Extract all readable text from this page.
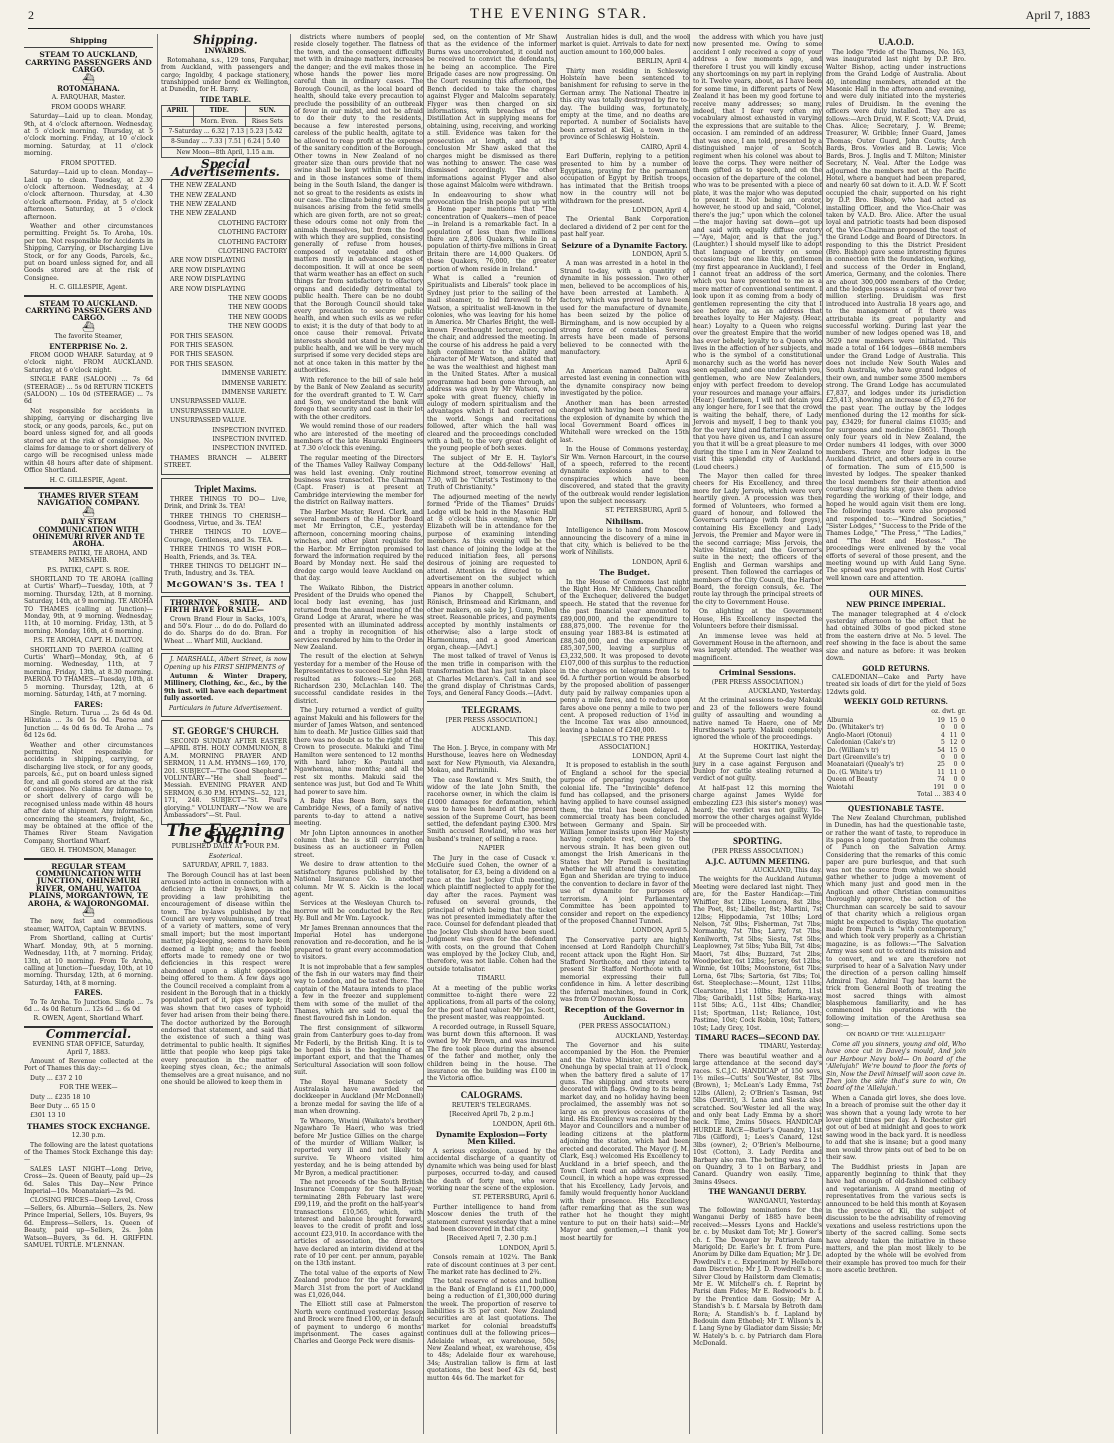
2	THE EVENING STAR.	April 7, 1883
Shipping
STEAM TO AUCKLAND, CARRYING PASSENGERS AND CARGO.
⛴

ROTOMAHANA.

A. FARQUHAR, Master.

FROM GOODS WHARF.

Saturday—Laid up to clean. Monday, 9th, at 4 o'clock afternoon. Wednesday, at 5 o'clock morning. Thursday, at 5 o'clock morning. Friday, at 10 o'clock morning. Saturday, at 11 o'clock morning.

FROM SPOTTED.

Saturday—Laid up to clean. Monday—Laid up to clean. Tuesday, at 2.30 o'clock afternoon. Wednesday, at 4 o'clock afternoon. Thursday, at 4.30 o'clock afternoon. Friday, at 5 o'clock afternoon. Saturday, at 5 o'clock afternoon.

Weather and other circumstances permitting. Freight 5s. To Aroha, 10s. per ton. Not responsible for Accidents in Shipping, Carrying, or Discharging Live Stock, or for any Goods, Parcels, &c., put on board unless signed for, and all Goods stored are at the risk of Consignee.

H. C. GILLESPIE, Agent.

STEAM TO AUCKLAND. CARRYING PASSENGERS AND CARGO.
⛴

The favorite Steamer,

ENTERPRISE No. 2.

FROM GOOD WHARF. Saturday, at 9 o'clock night. FROM AUCKLAND. Saturday, at 6 o'clock night.

SINGLE FARE (SALOON) ... 7s 6d (STEERAGE) ... 5s 0d RETURN TICKETS (SALOON) ... 10s 0d (STEERAGE) ... 7s 6d

Not responsible for accidents in shipping, carrying or discharging live stock, or any goods, parcels, &c., put on board unless signed for, and all goods stored are at the risk of consignee. No claims for damage to or short delivery of cargo will be recognised unless made within 48 hours after date of shipment. Office Shortland.

H. C. GILLESPIE, Agent.

THAMES RIVER STEAM NAVIGATION COMPANY.
⛴

DAILY STEAM COMMUNICATION WITH OHINEMURI RIVER AND TE AROHA.

STEAMERS PATIKI, TE AROHA, AND MEMSAHIB.

P.S. PATIKI, CAPT. S. ROE.

SHORTLAND TO TE AROHA (calling at Curtis' Wharf)—Tuesday, 10th, at 7 morning. Thursday, 12th, at 8 morning. Saturday, 14th, at 9 morning. TE AROHA TO THAMES (calling at Junction)—Monday, 9th, at 9 morning. Wednesday, 11th, at 10 morning. Friday, 13th, at 5 morning. Monday, 16th, at 6 morning.

P.S. TE AROHA, CAPT. H. DALTON.

SHORTLAND TO PAEROA (calling at Curtis' Wharf)—Monday, 9th, at 6 morning. Wednesday, 11th, at 7 morning. Friday, 13th, at 8.30 morning. PAEROA TO THAMES—Tuesday, 10th, at 5 morning. Thursday, 12th, at 6 morning. Saturday, 14th, at 7 morning.

FARES:

Single. Return. Turua ... 2s 6d 4s 0d. Hikutaia ... 3s 0d 5s 0d. Paeroa and Junction ... 4s 0d 6s 0d. Te Aroha ... 7s 6d 12s 6d.

Weather and other circumstances permitting. Not responsible for accidents in shipping, carrying, or discharging live stock, or for any goods, parcels, &c., put on board unless signed for, and all goods stored are at the risk of consignee. No claims for damage to, or short delivery of cargo will be recognised unless made within 48 hours after date of shipment. Any information concerning the steamers, freight, &c., may be obtained at the office of the Thames River Steam Navigation Company, Shortland Wharf.

GEO. H. THOMSON, Manager.

REGULAR STEAM COMMUNICATION WITH JUNCTION, OHINEMURI RIVER, OMAHU, WAITOA PLAINS, MORGANTOWN, TE AROHA, & WAIORONGOMAI.
⛴

The new, fast and commodious steamer, WAITOA, Captain W. BEVINS.

From Shortland, calling at Curtis' Wharf. Monday, 9th, at 5 morning. Wednesday, 11th, at 7 morning. Friday, 13th, at 10 morning. From Te Aroha, calling at Junction—Tuesday, 10th, at 10 morning. Thursday, 12th, at 6 morning. Saturday, 14th, at 8 morning.

FARES.

To Te Aroha. To Junction. Single ... 7s 6d ... 4s 0d Return ... 12s 6d ... 6s 0d

R. OWEN, Agent, Shortland Wharf.

Commercial.

EVENING STAR OFFICE, Saturday, April 7, 1883.

Amount of Revenue collected at the Port of Thames this day:—

Duty ... £37 2 10

FOR THE WEEK—

Duty ... £235 18 10

Beer Duty ... 65 15 0

£301 13 10

THAMES STOCK EXCHANGE.

12.30 p.m.

The following are the latest quotations of the Thames Stock Exchange this day:—

SALES LAST NIGHT—Long Drive, Cross—2s. Queen of Beauty, paid up—2s 6d. Sales This Day—New Prince Imperial—10s. Moanataiari—2s 9d.

CLOSING PRICES—Deep Level, Cross—Sellers, 6s. Alburnia—Sellers, 2s. New Prince Imperial, Sellers, 10s. Buyers, 9s 6d. Empress—Sellers, 1s. Queen of Beauty, paid up—Sellers, 2s. John Watson—Buyers, 3s 6d. H. GRIFFIN. SAMUEL TURTLE. M'LENNAN.

Shipping.

INWARDS.

Rotomahana, s.s., 129 tons, Farquhar, from Auckland, with passengers and cargo; Ingoldby, 4 package stationery, transhipped under bond ex Wellington, at Dunedin, for H. Barry.

TIDE TABLE.

APRIL	TIDE.	SUN.
	Morn. Even.	Rises Sets
7-Saturday ... 6.32 | 7.13 | 5.23 | 5.42		
8-Sunday ... 7.33 | 7.51 | 6.24 | 5.40		
New Moon—8th April, 1.15 a.m.		
Special Advertisements.

THE NEW ZEALAND

THE NEW ZEALAND

THE NEW ZEALAND

THE NEW ZEALAND

CLOTHING FACTORY

CLOTHING FACTORY

CLOTHING FACTORY

CLOTHING FACTORY

ARE NOW DISPLAYING

ARE NOW DISPLAYING

ARE NOW DISPLAYING

ARE NOW DISPLAYING

THE NEW GOODS

THE NEW GOODS

THE NEW GOODS

THE NEW GOODS

FOR THIS SEASON.

FOR THIS SEASON.

FOR THIS SEASON.

FOR THIS SEASON.

IMMENSE VARIETY.

IMMENSE VARIETY.

IMMENSE VARIETY.

UNSURPASSED VALUE.

UNSURPASSED VALUE.

UNSURPASSED VALUE.

INSPECTION INVITED.

INSPECTION INVITED.

INSPECTION INVITED.

THAMES BRANCH — ALBERT STREET.

Triplet Maxims.

THREE THINGS TO DO— Live, Drink, and Drink 3s. TEA!

THREE THINGS TO CHERISH— Goodness, Virtue, and 3s. TEA!

THREE THINGS TO LOVE— Courage, Gentleness, and 3s. TEA.

THREE THINGS TO WISH FOR— Health, Friends, and 3s. TEA.

THREE THINGS TO DELIGHT IN— Truth, Industry, and 3s. TEA.

McGOWAN'S 3s. TEA !

THORNTON, SMITH, AND FIRTH HAVE FOR SALE—

Crown Brand Flour in Sacks, 100's, and 50's. Flour ... do do do. Pollard do do do. Sharps do do do. Bran. For Wheat ... Wharf Mill, Auckland.

J. MARSHALL, Albert Street, is now Opening up his FIRST SHIPMENTS of

Autumn & Winter Drapery, Millinery, Clothing, &c., &c., by the 9th inst. will have each department fully assorted.

Particulars in future Advertisement.

ST. GEORGE'S CHURCH.

SECOND SUNDAY AFTER EASTER—APRIL 8TH. HOLY COMMUNION, 8 A.M. MORNING PRAYER AND SERMON, 11 A.M. HYMNS—169, 170, 201. SUBJECT—"The Good Shepherd." VOLUNTARY—"He shall feed"—Messiah. EVENING PRAYER AND SERMON, 6.30 P.M. HYMNS—52, 121, 171, 248. SUBJECT—"St. Paul's glorying." VOLUNTARY—"Now we are Ambassadors"—St. Paul.

The Evening Star.

PUBLISHED DAILY AT FOUR P.M.

Esoterical.

SATURDAY, APRIL 7, 1883.

The Borough Council has at last been aroused into action in connection with a deficiency in their by-laws, in not providing a law prohibiting the encouragement of disease within the town. The by-laws published by the Council are very voluminous, and treat of a variety of matters, some of very small import; but the most important matter, pig-keeping, seems to have been deemed a light one; and the feeble efforts made to remedy one or two deficiencies in this respect were abandoned upon a slight opposition being offered to them. A few days ago the Council received a complaint from a resident in the Borough that in a thickly populated part of it, pigs were kept; it was shown that two cases of typhoid fever had arisen from their being there. The doctor authorized by the Borough endorsed that statement, and said that the existence of such a thing was detrimental to public health. It signifies little that people who keep pigs take every precaution in the matter of keeping styes clean, &c.; the animals themselves are a great nuisance, and no one should be allowed to keep them in

districts where numbers of people reside closely together. The flatness of the town, and the consequent difficulty met with in drainage matters, increases the danger; and the evil makes those in whose hands the power lies more careful than in ordinary cases. The Borough Council, as the local board of health, should take every precaution to preclude the possibility of an outbreak of fever in our midst, and not be afraid to do their duty to the residents, because a few interested persons, careless of the public health, agitate to be allowed to reap profit at the expense of the sanitary condition of the Borough. Other towns in New Zealand of no greater size than ours provide that no swine shall be kept within their limits, and in those instances some of them being in the South Island, the danger is not so great to the residents as exists in our case. The climate being so warm the nuisances arising from the fetid smells which are given forth, are not so great; these odours come not only from the animals themselves, but from the food with which they are supplied, consisting generally of refuse from houses, composed of vegetable and other matters mostly in advanced stages of decomposition. It will at once be seen that warm weather has an effect on such things far from satisfactory to olfactory organs and decidedly detrimental to public health. There can be no doubt that the Borough Council should take every precaution to secure public health, and when such evils as we refer to exist; it is the duty of that body to at once cause their removal. Private interests should not stand in the way of public health, and we will be very much surprised if some very decided steps are not at once taken in this matter by the authorities.

With reference to the bill of sale held by the Bank of New Zealand as security for the overdraft granted to T. W. Carr and Son, we understand the bank will forego that security and cast in their lot with the other creditors.

We would remind those of our readers who are interested of the meeting of members of the late Hauraki Engineers at 7.30 o'clock this evening.

The regular meeting of the Directors of the Thames Valley Railway Company was held last evening. Only routine business was transacted. The Chairman (Capt. Fraser) is at present at Cambridge interviewing the member for the district on Railway matters.

The Harbor Master, Revd. Clerk, and several members of the Harbor Board met Mr Errington, C.E., yesterday afternoon, concerning mooring chains, winches, and other plant requisite for the Harbor. Mr Errington promised to forward the information required by the Board by Monday next. He said the dredge cargo would leave Auckland on that day.

The Waikato Ribbon, the District President of the Druids who opened the local body last evening, has just returned from the annual meeting of the Grand Lodge at Ararat, where he was presented with an illuminated address and a trophy in recognition of his services rendered by him to the Order in New Zealand.

The result of the election at Selwyn yesterday for a member of the House of Representatives to succeed Sir John Hall resulted as follows:—Lee 268, Richardson 230, McLachlan 140. The successful candidate resides in the district.

The Jury returned a verdict of guilty against Makuki and his followers for the murder of James Watson, and sentenced him to death. Mr Justice Gillies said that there was no doubt as to the right of the Crown to prosecute. Makuki and Timi Hamilton were sentenced to 12 months with hard labor; Ko Pautahi and Ngawhenua, nine months; and all the rest six months. Makuki said the sentence was just, but God and Te Whiti had power to save him.

A Baby Has Been Born, says the Cambridge News, of a family of native parents to-day to attend a native meeting.

Mr John Lipton announces in another column that he is still carrying on business as an auctioneer in Pollen street.

We desire to draw attention to the satisfactory figures published by the National Insurance Co. in another column. Mr W. S. Aickin is the local agent.

Services at the Wesleyan Church to-morrow will be conducted by the Rev. Hy. Bull and Mr Wm. Laycock.

Mr James Brennan announces that the Imperial Hotel has undergone renovation and re-decoration, and he is prepared to grant every accommodation to visitors.

It is not improbable that a few samples of the fish in our waters may find their way to London, and be tasted there. The captain of the Mataura intends to place a few in the freezer and supplement them with some of the mullet of the Thames, which are said to equal the finest flavoured fish in London.

The first consignment of silkworm grain from Canterbury goes to-day from Mr Federli, by the British King. It is to be hoped this is the beginning of an important export, and that the Thames Sericultural Association will soon follow suit.

The Royal Humane Society of Australasia have awarded the dockkeeper in Auckland (Mr McDonnell) a bronze medal for saving the life of a man when drowning.

Te Wheoro, Wiwini (Waikato's brother) Ngawharo Te Haeri, who was tried before Mr Justice Gillies on the charge of the murder of William Walker, is reported very ill and not likely to survive. Te Wheoro visited him yesterday, and he is being attended by Mr Byron, a medical practitioner.

The net proceeds of the South British Insurance Company for the half-year, terminating 28th February last were £99,119, and the profit on the half-year's transactions £10,565, which, with interest and balance brought forward, leaves to the credit of profit and loss account £23,910. In accordance with the articles of association, the directors have declared an interim dividend at the rate of 10 per cent. per annum, payable on the 13th instant.

The total value of the exports of New Zealand produce for the year ending March 31st from the port of Auckland was £1,026,044.

The Elliott still case at Palmerston North were continued yesterday. Jessop and Brock were fined £100, or in default of payment to undergo 6 months' imprisonment. The cases against Charles and George Peck were dismis-

sed, on the contention of Mr Shaw that as the evidence of the informer Burns was uncorroborated, it could not be received to convict the defendants, he being an accomplice. The Fire Brigade cases are now progressing. On the Court resuming this afternoon, the Bench decided to take the charges against Flyger and Malcolm separately. Flyger was then charged on six informations, with breaches of the Distillation Act in supplying means for obtaining, using, receiving, and working a still. Evidence was taken for the prosecution at length, and at its conclusion Mr Shaw asked that the charges might be dismissed as there was nothing to answer. The case was dismissed accordingly. The other informations against Flyger and also those against Malcolm were withdrawn.

In endeavouring to show what provocation the Irish people put up with a Home paper mentions that "The concentration of Quakers—men of peace—in Ireland is a remarkable fact. In a population of less than five millions there are 2,806 Quakers, while in a population of thirty-five millions in Great Britain there are 14,000 Quakers. Of these Quakers, 76,000, the greater portion of whom reside in Ireland."

What is called a "reunion of Spiritualists and Liberals" took place in Sydney just prior to the sailing of the mail steamer, to bid farewell to Mr Watson, a spiritualist well-known in the colonies, who was leaving for his home in America. Mr Charles Bright, the well-known Freethought lecturer, occupied the chair, and addressed the meeting. In the course of his address he paid a very high compliment to the ability and character of Mr Watson, and stated that he was the wealthiest and highest man in the United States. After a musical programme had been gone through, an address was given by Mr Watson, who spoke with great fluency, chiefly in eulogy of modern spiritualism and the advantages which it had conferred on the world. Songs and recitations followed, after which the hall was cleared and the proceedings concluded with a ball, to the very great delight of the young people of both sexes.

The subject of Mr E. H. Taylor's lecture at the Odd-fellows' Hall, Richmond street, tomorrow evening at 7.30, will be "Christ's Testimony to the Truth of Christianity."

The adjourned meeting of the newly formed "Pride of the Thames" Druids' Lodge will be held in the Masonic Hall at 8 o'clock this evening, when Dr Elizabeth will be in attendance for the purpose of examining intending members. As this evening will be the last chance of joining the lodge at the reduced initiation fees, all persons desirous of joining are requested to attend. Attention is directed to an advertisement on the subject which appears in another column.

Pianos by Chappell, Schubert, Rönisch, Brinsmead and Kirkmann, and other makers, on sale by J. Gunn, Pollen street. Reasonable prices, and payments accepted by monthly instalments or otherwise; also a large stock of Harmoniums, and a good American organ, cheap.—[Advt.]

The most talked of travel of Venus is the men trifle in comparison with the transformation that has just taken place at Charles McLaren's. Call in and see the grand display of Christmas Cards, Toys, and General Fancy Goods.—[Advt.

TELEGRAMS.

[PER PRESS ASSOCIATION.]

AUCKLAND.

This day.

The Hon. J. Bryce, in company with Mr Hursthouse, leaves here on Wednesday next for New Plymouth, via Alexandra, Mokau, and Parininihi.

The case Rowland v. Mrs Smith, the widow of the late John Smith, the racehorse owner, in which the claim is £1000 damages for defamation, which was to have been heard at the present session of the Supreme Court, has been settled, the defendant paying £300. Mrs Smith accused Rowland, who was her husband's trainer, of selling a race.

NAPIER

The Jury in the case of Cusack v. McGuire sued Cohen, the owner of a totalisator, for £3, being a dividend on a race at the last Jockey Club meeting, which plaintiff neglected to apply for the day after the races. Payment was refused on several grounds, the principal of which being that the ticket was not presented immediately after the race. Counsel for defendant pleaded that the Jockey Club should have been sued. Judgment was given for the defendant with costs, on the ground that Cohen was employed by the Jockey Club, and, therefore, was not liable. Cohen had the outside totalisator.

TIMARU.

At a meeting of the public works committee to-night there were 22 applications, from all parts of the colony, for the post of land valuer. Mr Jas. Scott, the present master, was reappointed.

A recorded outrage, in Russell Square, was burnt down this afternoon. It was owned by Mr Brown, and was insured. The fire took place during the absence of the father and mother, only the children being in the house. The insurance on the building was £100 in the Victoria office.

CALOGRAMS.

REUTER'S TELEGRAMS.

[Received April 7b, 2 p.m.]

LONDON, April 6th.

Dynamite Explosion—Forty Men Killed.

A serious explosion, caused by the accidental discharge of a quantity of dynamite which was being used for blast purposes, occurred to-day, and caused the death of forty men, who were working near the scene of the explosion.

ST. PETERSBURG, April 6.

Further intelligence to hand from Moscow denies the truth of the statement current yesterday that a mine had been discovered in that city.

[Received April 7, 2.30 p.m.]

LONDON, April 5.

Consols remain at 102¼. The Bank rate of discount continues at 3 per cent. The market rate has declined to 2¾.

The total reserve of notes and bullion in the Bank of England is £11,700,000, being a reduction of £1,300,000 during the week. The proportion of reserve to liabilities is 35 per cent. New Zealand securities are at last quotations. The market for colonial breadstuffs continues dull at the following prices—Adelaide wheat, ex warehouse, 50s; New Zealand wheat, ex warehouse, 45s to 48s; Adelaide flour ex warehouse, 34s; Australian tallow is firm at last quotations, the best beef 42s 6d, best mutton 44s 6d. The market for

Australian hides is dull, and the wool market is quiet. Arrivals to date for next auction amount to 160,000 bales.

BERLIN, April 4.

Thirty men residing in Schleswig Holstein have been sentenced to banishment for refusing to serve in the German army. The National Theatre in this city was totally destroyed by fire to-day. The building was, fortunately, empty at the time, and no deaths are reported. A number of Socialists have been arrested at Kiel, a town in the province of Schleswig Holstein.

CAIRO, April 4.

Earl Dufferin, replying to a petition presented to him by a number of Egyptians, praying for the permanent occupation of Egypt by British troops, has intimated that the British troops now in the country will not be withdrawn for the present.

LONDON, April 4.

The Oriental Bank Corporation declared a dividend of 2 per cent for the past half year.

Seizure of a Dynamite Factory.

LONDON, April 5.

A man was arrested in a hotel in the Strand to-day, with a quantity of dynamite in his possession. Two other men, believed to be accomplices of his, have been arrested at Lambeth. A factory, which was proved to have been used for the manufacture of dynamite, has been seized by the police of Birmingham, and is now occupied by a strong force of constables. Several arrests have been made of persons believed to be connected with the manufactory.

April 6.

An American named Dalton was arrested last evening in connection with the dynamite conspiracy now being investigated by the police.

Another man has been arrested charged with having been concerned in the explosion of dynamite by which the local Government Board offices in Whitehall were wrecked on the 15th last.

In the House of Commons yesterday, Sir Wm. Vernon Harcourt, in the course of a speech, referred to the recent dynamite explosions and to the conspiracies which have been discovered, and stated that the gravity of the outbreak would render legislation upon the subject necessary.

ST. PETERSBURG, April 5.

Nihilism.

Intelligence is to hand from Moscow announcing the discovery of a mine in that city, which is believed to be the work of Nihilists.

LONDON, April 6.

The Budget.

In the House of Commons last night the Right Hon. Mr Childers, Chancellor of the Exchequer, delivered the budget speech. He stated that the revenue for the past financial year amounted to £89,000,000, and the expenditure to £88,875,000. The revenue for the ensuing year 1883-84 is estimated at £88,540,000, and the expenditure at £85,307,500, leaving a surplus of £3,232,500. It was proposed to devote £107,000 of this surplus to the reduction in the charges on telegrams from 1s to 6d. A further portion would be absorbed by the proposed abolition of passenger duty paid by railway companies upon a penny a mile fares, and to reduce upon fares above one penny a mile to two per cent. A proposed reduction of 1½d in the Income Tax was also announced, leaving a balance of £240,000.

[SPECIALS TO THE PRESS ASSOCIATION.]

LONDON, April 4.

It is proposed to establish in the south of England a school for the special purpose of preparing youngsters for colonial life. The "Invincible" defence fund has collapsed, and the prisoners having applied to have counsel assigned them, the trial has been delayed. A commercial treaty has been concluded between Germany and Spain. Sir William Jenner insists upon Her Majesty having complete rest, owing to the nervous strain. It has been given out amongst the Irish Americans in the States that Mr Parnell is hesitating whether he will attend the convention. Egan and Sheridan are trying to induce the convention to declare in favor of the use of dynamite for purposes of terrorism. A joint Parliamentary Committee has been appointed to consider and report on the expediency of the proposed Channel Tunnel.

LONDON, April 5.

The Conservative party are highly incensed at Lord Randolph Churchill's recent attack upon the Right Hon. Sir Stafford Northcote, and they intend to present Sir Stafford Northcote with a memorial expressing their full confidence in him. A letter describing the infernal machines, found in Cork, was from O'Donovan Rossa.

Reception of the Governor in Auckland.

(PER PRESS ASSOCIATION.)

AUCKLAND, Yesterday.

The Governor and his suite accompanied by the Hon. the Premier and the Native Minister, arrived from Onehunga by special train at 11 o'clock, when the battery fired a salute of 17 guns. The shipping and streets were decorated with flags. Owing to its being market day, and no holiday having been proclaimed, the assembly was not so large as on previous occasions of the kind. His Excellency was received by the Mayor and Councillors and a number of leading citizens at the platform adjoining the station, which had been erected and decorated. The Mayor (J. M. Clark, Esq.) welcomed His Excellency to Auckland in a brief speech, and the Town Clerk read an address from the Council, in which a hope was expressed that his Excellency, Lady Jervois, and family would frequently honor Auckland with their presence. His Excellency (after remarking that as the sun was rather hot he thought they might venture to put on their hats) said:—Mr Mayor and gentlemen,—I thank you most heartily for

the address with which you have just now presented me. Owing to some accident I only received a copy of your address a few moments ago, and therefore I trust you will kindly excuse any shortcomings on my part in replying to it. Twelve years, about, as I have been for some time, in different parts of New Zealand it has been my good fortune to receive many addresses; so many, indeed, that I fear very often my vocabulary almost exhausted in varying the expressions that are suitable to the occasion. I am reminded of an address that was once, I am told, presented by a distinguished major of a Scotch regiment when his colonel was about to leave the corps. They were neither of them gifted as to speech, and on the occasion of the departure of the colonel, who was to be presented with a piece of plate, it was the major who was deputed to present it. Not being an orator, however, he stood up and said, "Colonel, there's the jug;" upon which the colonel—the major having sat down—got up and said with equally diffuse oratory—"Aye, Major, and is that the jug." (Laughter.) I should myself like to adopt that language of brevity on some occasions; but one like this, gentlemen (my first appearance in Auckland), I feel I cannot treat an address of the sort which you have presented to me as a mere matter of conventional sentiment. I look upon it as coming from a body of gentlemen representing the city that I see before me, as an address that breathes loyalty to Her Majesty. (Hear, hear.) Loyalty to a Queen who reigns over the greatest Empire that the world has ever beheld; loyalty to a Queen who lives in the affection of her subjects, and who is the symbol of a constitutional monarchy such as the world has never seen equalled; and one under which you, gentlemen, who are New Zealanders, enjoy with perfect freedom to develop your resources and manage your affairs. (Hear.) Gentlemen, I will not detain you any longer here, for I see that the crowd is waiting the behalf, there, of Lady Jervois and myself, I beg to thank you for the very kind and flattering welcome that you have given us, and I can assure you that it will be a great pleasure to me during the time I am in New Zealand to visit this splendid city of Auckland. (Loud cheers.)

The Mayor then called for three cheers for His Excellency, and three more for Lady Jervois, which were very heartily given. A procession was then formed of Volunteers, who formed a guard of honour, and followed the Governor's carriage (with four greys), containing His Excellency and Lady Jervois, the Premier and Mayor were in the second carriage; Miss Jervois, the Native Minister, and the Governor's suite in the next; the officers of the English and German warships and present. Then followed the carriages of members of the City Council, the Harbor Board, the foreign consuls, &c. The route lay through the principal streets of the city to Government House.

On alighting at the Government House, His Excellency inspected the Volunteers before their dismissal.

An immense levee was held at Government House in the afternoon, and was largely attended. The weather was magnificent.

Criminal Sessions.

(PER PRESS ASSOCIATION.)

AUCKLAND, Yesterday.

At the criminal sessions to-day Makuki and 23 of the followers were found guilty of assaulting and wounding a native named Te Haere, one of Mr Hursthouse's party. Makuki completely ignored the whole of the proceedings.

HOKITIKA, Yesterday.

At the Supreme Court last night the jury in a case against Ferguson and Dunlop for cattle stealing returned a verdict of not guilty.

At half-past 12 this morning the charge against James Wylde for embezzling £23 (his sister's money) was heard; the verdict was not guilty. To-morrow the other charges against Wylde will be proceeded with.

SPORTING.

(PER PRESS ASSOCIATION.)

A.J.C. AUTUMN MEETING.

AUCKLAND, This day.

The weights for the Auckland Autumn Meeting were declared last night. They are, for the Easter Handicap:—Tim Whiffler, 8st 12lbs; Leonora, 8st 2lbs; The Poet, 8st; Libeller, 8st; Martini, 7st 12lbs; Hippodamia, 7st 10lbs; Lord Nelson, 7st 9lbs; Fisherman, 7st 7lbs; Normanby, 7st 7lbs; Larry, 7st 7lbs; Kenilworth, 7st 5lbs; Siesta, 7st 5lbs; Leaplowney, 7st 5lbs; Yuba Bill, 7st 4lbs; Maori, 7st 4lbs; Buzzard, 7st 2lbs; Woodpecker, 6st 12lbs; Jersey, 6st 12lbs; Winnie, 6st 10lbs; Moonstone, 6st 7lbs; Lorna, 6st 7lbs; Sartoria, 6st 7lbs; Toi, 6st. Steeplechase:—Mount, 12st 11lbs; Clearstone, 11st 10lbs; Reform, 11st 7lbs; Garibaldi, 11st 5lbs; Harka-way, 11st 5lbs; A.G., 11st 4lbs; Chandler, 11st; Sportman, 11st; Reliance, 10st; Pastime, 10st; Cock Robin, 10st; Tatters, 10st; Lady Grey, 10st.

TIMARU RACES—SECOND DAY.

TIMARU, Yesterday.

There was beautiful weather and a large attendance at the second day's races. S.C.J.C. HANDICAP of 150 sovs, 1½ miles—Cutts' Sou'Wester, 8st 7lbs (Brown), 1; McLean's Lady Emma, 7st 12lbs (Allen), 2; O'Brien's Tasman, 9st 5lbs (Derritt), 3. Lena and Siesta also scratched. Sou'Wester led all the way, and only beat Lady Emma by a short neck. Time, 2mins 50secs. HANDICAP HURDLE RACE—Butler's Quandry, 11st 7lbs (Gifford), 1; Lees's Canard, 12st 3lbs (owner), 2; O'Brien's Melbourne, 10st (Cotton), 3. Lady Perdita and Barbary also ran. The betting was 2 to 1 on Quandry, 3 to 1 on Barbary, and Canard. Quandry won easily. Time, 3mins 49secs.

THE WANGANUI DERBY.

WANGANUI, Yesterday.

The following nominations for the Wanganui Derby of 1885 have been received:—Messrs Lyons and Hackle's br. c. by Musket dam Tot; Mr J. Gower's ch. f. The Dowager by Patriarch dam Marigold; Dr. Earle's br. f. from Pure. Anorum by Dilke dam Equation; Mr J. Dr. Powdrell's r. c. Experiment by Hellebore dam Discretion; Mr J. D. Powdrell's b. c. Silver Cloud by Hailstorm dam Clematis; Mr E. W. Mitchell's ch. f. Reprint by Parisi dam Fides; Mr E. Redwood's b. f. by the Prentice dam Gossip; Mr A. Standish's b. f. Marsala by Betroth dam Rora; A. Standish's b. f. Lapland by Bedouin dam Ethebel; Mr T. Wilson's b. f. Lang Syne by Gladiator dam Sissie; Mr W. Hately's b. c. by Patriarch dam Flora McDonald.

U.A.O.D.

The lodge "Pride of the Thames, No. 163, was inaugurated last night by D.P. Bro. Walter Bishop, acting under instructions from the Grand Lodge of Australia. About 40, intending members, attended at the Masonic Hall in the afternoon and evening, and were duly initiated into the mysteries rules of Druidism. In the evening the officers were duly installed. They are as follows:—Arch Druid, W. F. Scott; V.A. Druid, Chas. Alice; Secretary, J. W. Breme; Treasurer, W. Gribble; Inner Guard, James Thomas; Outer Guard, John Coutts; Arch Bards, Bros. Vowles and B. Lewis; Vice Bards, Bros. J. Inglis and T. Milton; Minister Secretary, N. Veal. After the Lodge was adjourned the members met at the Pacific Hotel, where a banquet had been prepared, and nearly 60 sat down to it. A.D. W. F. Scott occupied the chair, supported on his right by D.P. Bro. Bishop, who had acted as installing Officer, and the Vice-Chair was taken by V.A.D. Bro. Alice. After the usual loyal and patriotic toasts had been disposed of, the Vice-Chairman proposed the toast of the Grand Lodge and Board of Directors. In responding to this the District President (Bro. Bishop) gave some interesting figures in connection with the foundation, working, and success of the Order in England, America, Germany, and the colonies. There are about 300,000 members of the Order, and the lodges possess a capital of over two million sterling. Druidism was first introduced into Australia 18 years ago, and to the management of it there was attributable its great popularity and successful working. During last year the number of new lodges opened was 18, and 3629 new members were initiated. This made a total of 164 lodges—6848 members under the Grand Lodge of Australia. This does not include New South Wales and South Australia, who have grand lodges of their own, and number some 3500 members strong. The Grand Lodge has accumulated £7,837, and lodges under its jurisdiction £25,413, showing an increase of £5,276 for the past year. The outlay by the lodges mentioned during the 12 months for sick-pay, £3429; for funeral claims £1035; and for surgeons and medicine £8651. Though only four years old in New Zealand, the Order numbers 41 lodges, with over 3000 members. There are four lodges in the Auckland district, and others are in course of formation. The sum of £15,500 is invested by lodges. The speaker thanked the local members for their attention and courtesy during his stay, gave them advice regarding the working of their lodge, and hoped he would again visit them ere long. The following toasts were also proposed and responded to:—"Kindred Societies," "Sister Lodges," "Success to the Pride of the Thames Lodge," "The Press," "The Ladies," and "The Host and Hostess." The proceedings were enlivened by the vocal efforts of several of those present, and the meeting wound up with Auld Lang Syne. The spread was prepared with Host Curtis' well known care and attention.

OUR MINES.

NEW PRINCE IMPERIAL.

The manager telegraphed at 4 o'clock yesterday afternoon to the effect that he had obtained 30lbs of good picked stone from the eastern drive at No. 5 level. The reef showing in the face is about the same size and nature as before: it was broken down.

GOLD RETURNS.

CALEDONIAN—Cake and Party have treated six loads of dirt for the yield of 5ozs 12dwts gold.

WEEKLY GOLD RETURNS.

oz. dwt. gr.

Alburnia	19	15	0
Do. (Whitaker's tr)	0	0	0
Anglo-Maori (Otonui)	4	11	0
Caledonian (Cake's tr)	5	12	0
Do. (William's tr)	54	15	0
Dart (Greenville's tr)	0	0	0
Moanataiari (Quealy's tr)	25	0	0
Do. (G. White's tr)	11	11	0
Queen of Beauty	74	0	0
Waiotahi	191	0	0

Total ... 383 4 0

QUESTIONABLE TASTE.

The New Zealand Churchman, published in Dunedin, has had the questionable taste, or rather the want of taste, to reproduce in its pages a long quotation from the columns of Punch on the Salvation Army. Considering that the remarks of this comic paper are pure burlesque, and that such was not the source from which we should gather whether to judge a movement of which many just and good men in the Anglican and other Christian communities thoroughly approve, the action of the Churchman can scarcely be said to savour of that charity which a religious organ might be expected to display. The quotation made from Punch is "with contemporary," and which took very properly as a Christian magazine, is as follows:—"The Salvation Army was sent out to extend its mission and to convert, and we are therefore not surprised to hear of a Salvation Navy under the direction of a person calling himself Admiral Tug. Admiral Tug has learnt the trick from General Booth of treating the most sacred things with almost blasphemous familiarity, and he has commenced his operations with the following imitation of the Arethusa sea song:—

ON BOARD OF THE 'ALLELUJAH!'

Come all you sinners, young and old, Who have once cut in Davey's mould, And join our Harbour Navy bold— On board of the 'Allelujah!' We're bound to floor the forts of Sin, Now the Devil himself will soon cave in. Then join the side that's sure to win, On board of the 'Allelujah.'

When a Canada girl loves, she does love. In a breach of promise suit the other day it was shown that a young lady wrote to her lover eight times per day. A Rochester girl got out of bed at midnight and goes to work sawing wood in the back yard. It is needless to add that she is insane; but a good many men would throw pints out of bed to be on their saw.

The Buddhist priests in Japan are apparently beginning to think that they have had enough of old-fashioned celibacy and vegetarianism. A grand meeting of representatives from the various sects is announced to be held this month at Koyasen in the province of Kii, the subject of discussion to be the advisability of removing vexations and useless restrictions upon the liberty of the sacred calling. Some sects have already taken the initiative in these matters, and the plan most likely to be adopted by the whole will be evolved from their example has proved too much for their more ascetic brethren.
